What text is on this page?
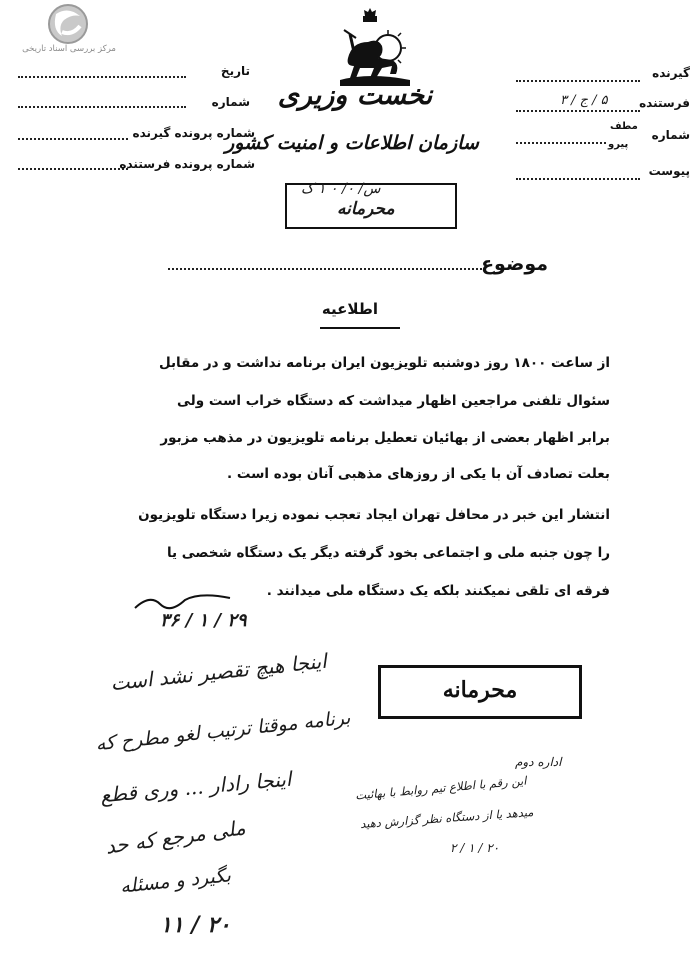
مرکز بررسی اسناد تاریخی
نخست وزیری
سازمان اطلاعات و امنیت کشور
س/ ۰/ ۰ ۱ ک
محرمانه
تاریخ
شماره
شماره پرونده گیرنده
شماره پرونده فرستنده
گیرنده
فرستنده
۵ / ج / ۳
شماره
مطف
پیرو
پیوست
موضوع
اطلاعیه
از ساعت ۱۸۰۰ روز دوشنبه تلویزیون ایران برنامه نداشت و در مقابل
سئوال تلفنی مراجعین اظهار میداشت که دستگاه خراب است ولی
برابر اظهار بعضی از بهائیان تعطیل برنامه تلویزیون در مذهب مزبور
بعلت تصادف آن با یکی از روزهای مذهبی آنان بوده است .
انتشار این خبر در محافل تهران ایجاد تعجب نموده زیرا دستگاه تلویزیون
را چون جنبه ملی و اجتماعی بخود گرفته دیگر یک دستگاه شخصی یا
فرقه ای تلقی نمیکنند بلکه یک دستگاه ملی میدانند .
۳۶ / ۱ / ۲۹
محرمانه
اینجا هیچ تقصیر نشد است
برنامه موقتا ترتیب لغو مطرح که
اینجا رادار ... وری قطع
ملی مرجع که حد
بگیرد و مسئله
۱۱ / ۲۰
اداره دوم
این رقم با اطلاع تیم روابط با بهائیت
میدهد یا از دستگاه نظر گزارش دهید
۲ / ۱ / ۲۰
